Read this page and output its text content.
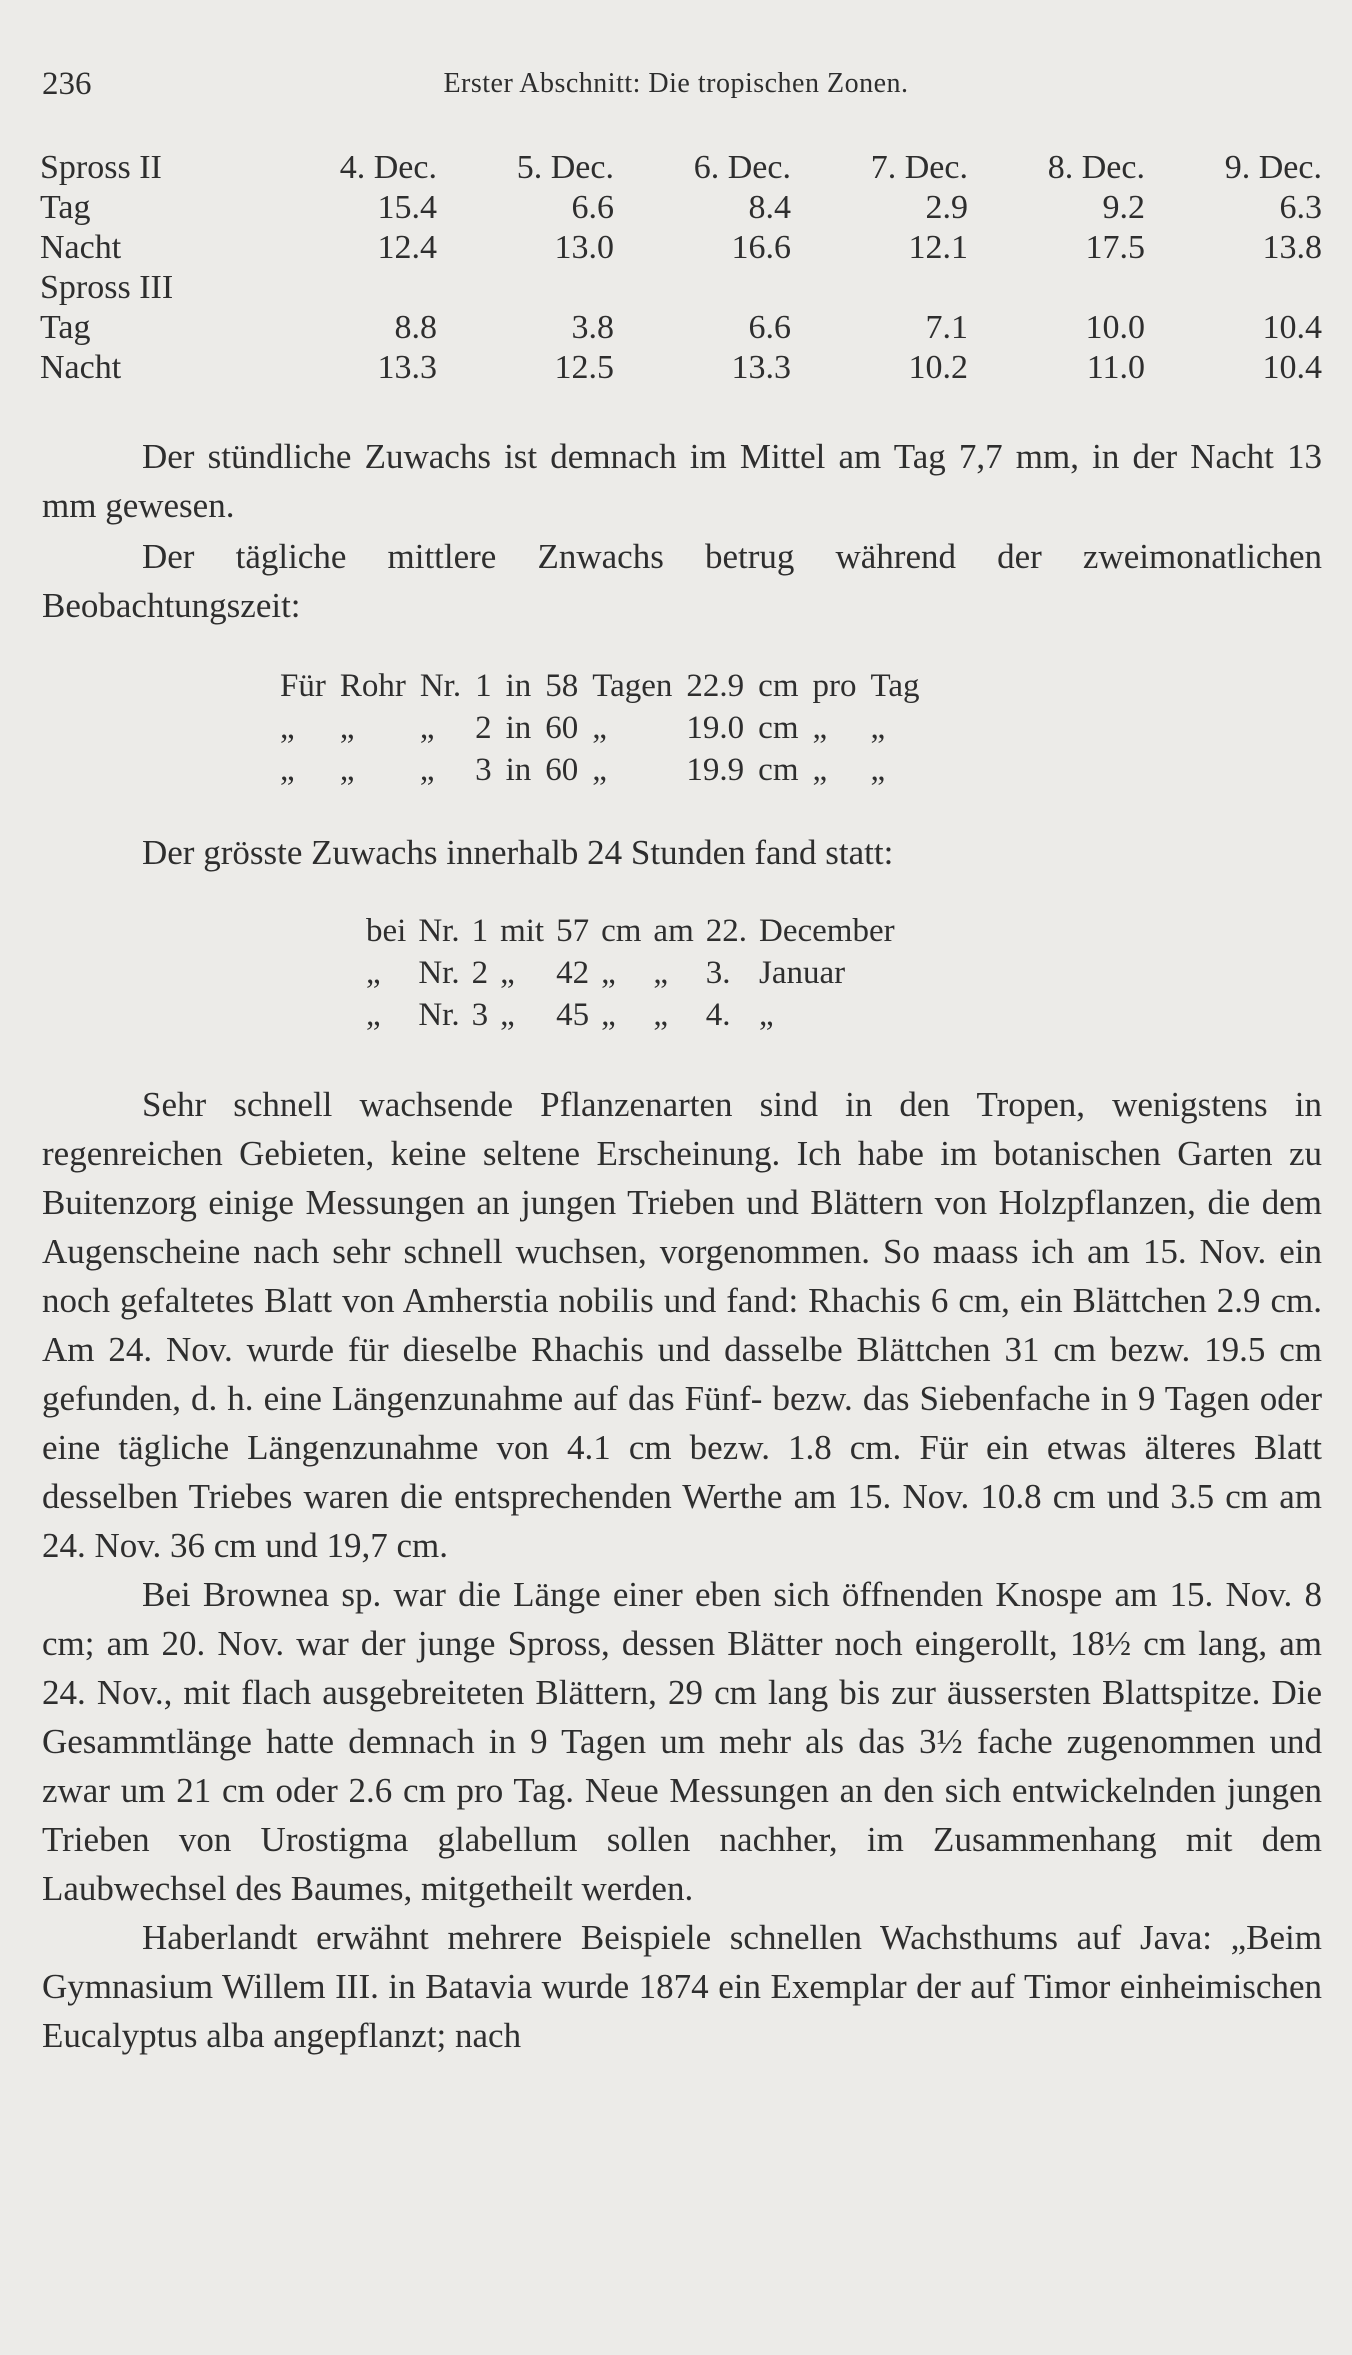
236	Erster Abschnitt: Die tropischen Zonen.
Spross II	4. Dec.	5. Dec.	6. Dec.	7. Dec.	8. Dec.	9. Dec.
Tag	15.4	6.6	8.4	2.9	9.2	6.3
Nacht	12.4	13.0	16.6	12.1	17.5	13.8
Spross III						
Tag	8.8	3.8	6.6	7.1	10.0	10.4
Nacht	13.3	12.5	13.3	10.2	11.0	10.4

Der stündliche Zuwachs ist demnach im Mittel am Tag 7,7 mm, in der Nacht 13 mm gewesen.

Der tägliche mittlere Znwachs betrug während der zweimonatlichen Beobachtungszeit:

Für	Rohr	Nr.	1	in	58	Tagen	22.9	cm	pro	Tag
„	„	„	2	in	60	„	19.0	cm	„	„
„	„	„	3	in	60	„	19.9	cm	„	„

Der grösste Zuwachs innerhalb 24 Stunden fand statt:

bei	Nr.	1	mit	57	cm	am	22.	December
„	Nr.	2	„	42	„	„	3.	Januar
„	Nr.	3	„	45	„	„	4.	„

Sehr schnell wachsende Pflanzenarten sind in den Tropen, wenigstens in regenreichen Gebieten, keine seltene Erscheinung. Ich habe im botanischen Garten zu Buitenzorg einige Messungen an jungen Trieben und Blättern von Holzpflanzen, die dem Augenscheine nach sehr schnell wuchsen, vorgenommen. So maass ich am 15. Nov. ein noch gefaltetes Blatt von Amherstia nobilis und fand: Rhachis 6 cm, ein Blättchen 2.9 cm. Am 24. Nov. wurde für dieselbe Rhachis und dasselbe Blättchen 31 cm bezw. 19.5 cm gefunden, d. h. eine Längenzunahme auf das Fünf- bezw. das Siebenfache in 9 Tagen oder eine tägliche Längenzunahme von 4.1 cm bezw. 1.8 cm. Für ein etwas älteres Blatt desselben Triebes waren die entsprechenden Werthe am 15. Nov. 10.8 cm und 3.5 cm am 24. Nov. 36 cm und 19,7 cm.

Bei Brownea sp. war die Länge einer eben sich öffnenden Knospe am 15. Nov. 8 cm; am 20. Nov. war der junge Spross, dessen Blätter noch eingerollt, 18½ cm lang, am 24. Nov., mit flach ausgebreiteten Blättern, 29 cm lang bis zur äussersten Blattspitze. Die Gesammtlänge hatte demnach in 9 Tagen um mehr als das 3½ fache zugenommen und zwar um 21 cm oder 2.6 cm pro Tag. Neue Messungen an den sich entwickelnden jungen Trieben von Urostigma glabellum sollen nachher, im Zusammenhang mit dem Laubwechsel des Baumes, mitgetheilt werden.

Haberlandt erwähnt mehrere Beispiele schnellen Wachsthums auf Java: „Beim Gymnasium Willem III. in Batavia wurde 1874 ein Exemplar der auf Timor einheimischen Eucalyptus alba angepflanzt; nach
